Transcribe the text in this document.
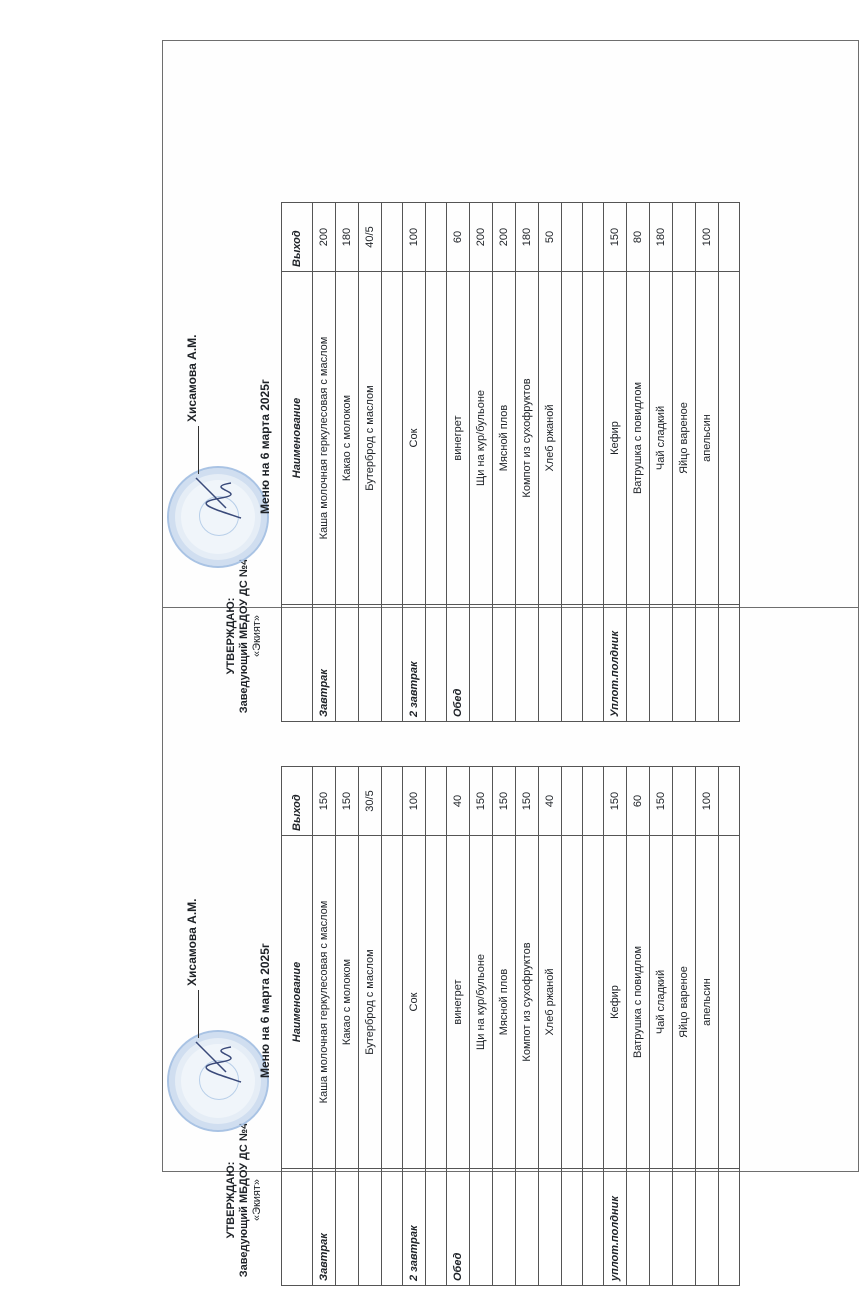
УТВЕРЖДАЮ: Заведующий МБДОУ ДС №4 «Экият»
Хисамова А.М.
Меню на 6 марта 2025г
	Наименование	Выход
Завтрак	Каша молочная геркулесовая с маслом	150
	Какао с молоком	150
	Бутерброд с маслом	30/5

2 завтрак	Сок	100

Обед	винегрет	40
	Щи на кур/бульоне	150
	Мясной плов	150
	Компот из сухофруктов	150
	Хлеб ржаной	40

уплот.полдник	Кефир	150
	Ватрушка с повидлом	60
	Чай сладкий	150
	Яйцо вареное	
	апельсин	100

УТВЕРЖДАЮ: Заведующий МБДОУ ДС №4 «Экият»
Хисамова А.М.
Меню на 6 марта 2025г
	Наименование	Выход
Завтрак	Каша молочная геркулесовая с маслом	200
	Какао с молоком	180
	Бутерброд с маслом	40/5

2 завтрак	Сок	100

Обед	винегрет	60
	Щи на кур/бульоне	200
	Мясной плов	200
	Компот из сухофруктов	180
	Хлеб ржаной	50

Уплот.полдник	Кефир	150
	Ватрушка с повидлом	80
	Чай сладкий	180
	Яйцо вареное	
	апельсин	100
